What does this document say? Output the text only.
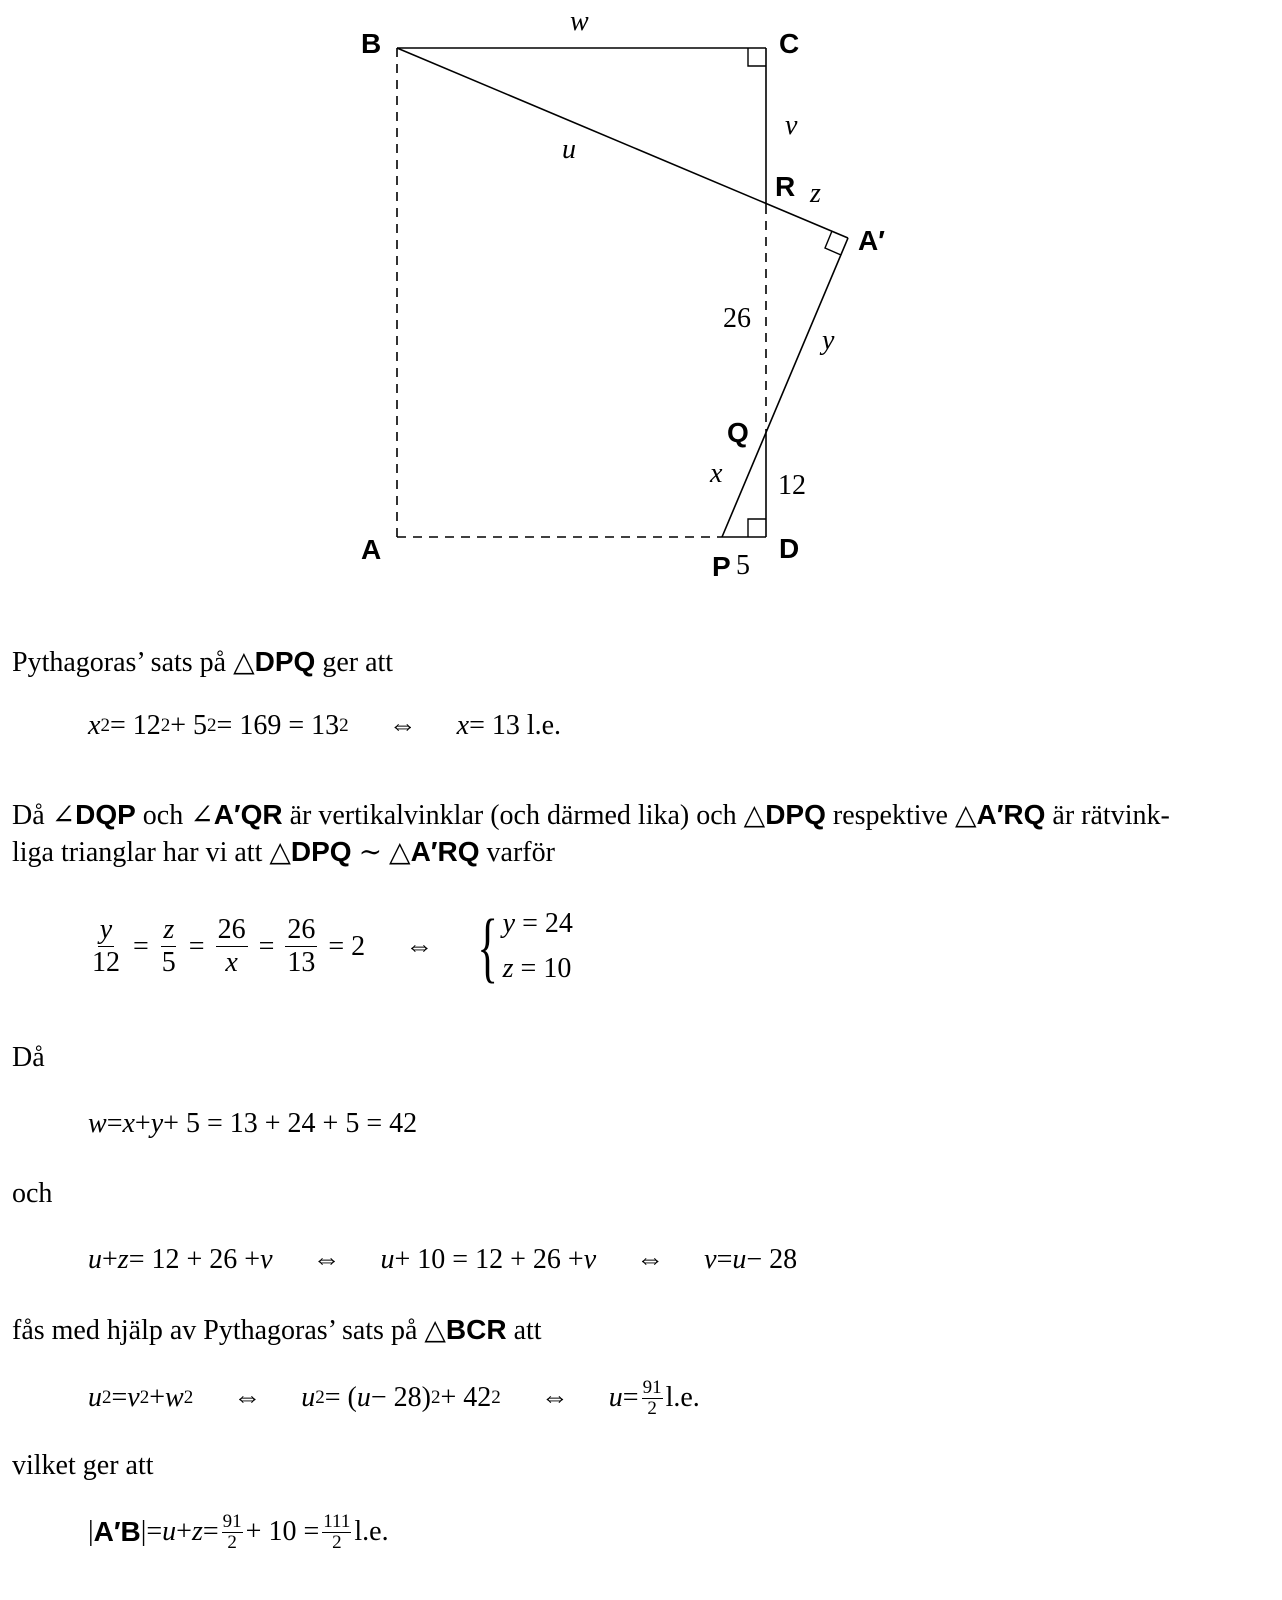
B	C
A	D
P
Q
R
A′
w
u
v
z
y
x
26
12
5
Pythagoras’ sats på △DPQ ger att
x 2 = 12 2 + 5 2 = 169 = 13 2 ⇔ x = 13 l.e.
Då ∠DQP och ∠A′QR är vertikalvinklar (och därmed lika) och △DPQ respektive △A′RQ är rätvink-
liga trianglar har vi att △DPQ ∼ △A′RQ varför
$\frac{y}{12} = \frac{z}{5} = \frac{26}{x} = \frac{26}{13}$
= 2 ⇔ { y = 24
z = 10
Då
w = x + y + 5 = 13 + 24 + 5 = 42
och
u + z = 12 + 26 + v ⇔ u + 10 = 12 + 26 + v ⇔ v = u − 28
fås med hjälp av Pythagoras’ sats på △BCR att
u 2 = v 2 + w 2 ⇔ u 2 = ( u − 28) 2 + 42 2 ⇔ $u = \frac{91}{2} l.e$.
vilket ger att
| A′B | = $u + z = \frac{91}{2} + 10 = \frac{111}{2} l.e$.
